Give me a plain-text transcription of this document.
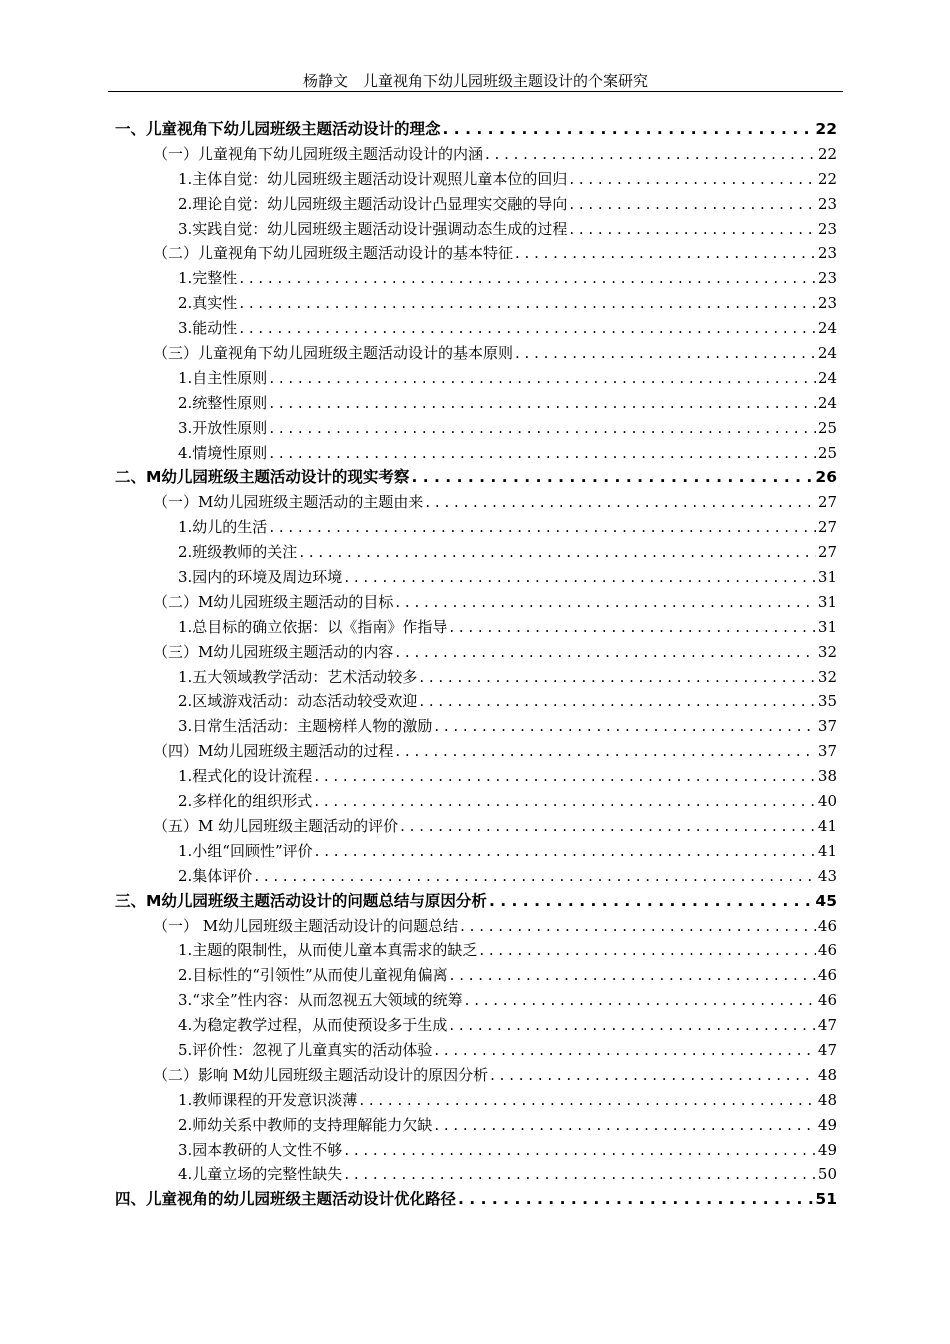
杨静文　儿童视角下幼儿园班级主题设计的个案研究
一、儿童视角下幼儿园班级主题活动设计的理念 . . .	22
（一）儿童视角下幼儿园班级主题活动设计的内涵 . . .	22
1.主体自觉：幼儿园班级主题活动设计观照儿童本位的回归 . . .	22
2.理论自觉：幼儿园班级主题活动设计凸显理实交融的导向 . . .	23
3.实践自觉：幼儿园班级主题活动设计强调动态生成的过程 . . .	23
（二）儿童视角下幼儿园班级主题活动设计的基本特征 . . .	23
1.完整性 . . .	23
2.真实性 . . .	23
3.能动性 . . .	24
（三）儿童视角下幼儿园班级主题活动设计的基本原则 . . .	24
1.自主性原则 . . .	24
2.统整性原则 . . .	24
3.开放性原则 . . .	25
4.情境性原则 . . .	25
二、M幼儿园班级主题活动设计的现实考察 . . .	26
（一）M幼儿园班级主题活动的主题由来 . . .	27
1.幼儿的生活 . . .	27
2.班级教师的关注 . . .	27
3.园内的环境及周边环境 . . .	31
（二）M幼儿园班级主题活动的目标 . . .	31
1.总目标的确立依据：以《指南》作指导 . . .	31
（三）M幼儿园班级主题活动的内容 . . .	32
1.五大领域教学活动：艺术活动较多 . . .	32
2.区域游戏活动：动态活动较受欢迎 . . .	35
3.日常生活活动：主题榜样人物的激励 . . .	37
（四）M幼儿园班级主题活动的过程 . . .	37
1.程式化的设计流程 . . .	38
2.多样化的组织形式 . . .	40
（五）M 幼儿园班级主题活动的评价 . . .	41
1.小组“回顾性”评价 . . .	41
2.集体评价 . . .	43
三、M幼儿园班级主题活动设计的问题总结与原因分析 . . .	45
（一） M幼儿园班级主题活动设计的问题总结 . . .	46
1.主题的限制性，从而使儿童本真需求的缺乏 . . .	46
2.目标性的“引领性”从而使儿童视角偏离 . . .	46
3.“求全”性内容：从而忽视五大领域的统筹 . . .	46
4.为稳定教学过程，从而使预设多于生成 . . .	47
5.评价性：忽视了儿童真实的活动体验 . . .	47
（二）影响 M幼儿园班级主题活动设计的原因分析 . . .	48
1.教师课程的开发意识淡薄 . . .	48
2.师幼关系中教师的支持理解能力欠缺 . . .	49
3.园本教研的人文性不够 . . .	49
4.儿童立场的完整性缺失 . . .	50
四、儿童视角的幼儿园班级主题活动设计优化路径 . . .	51
